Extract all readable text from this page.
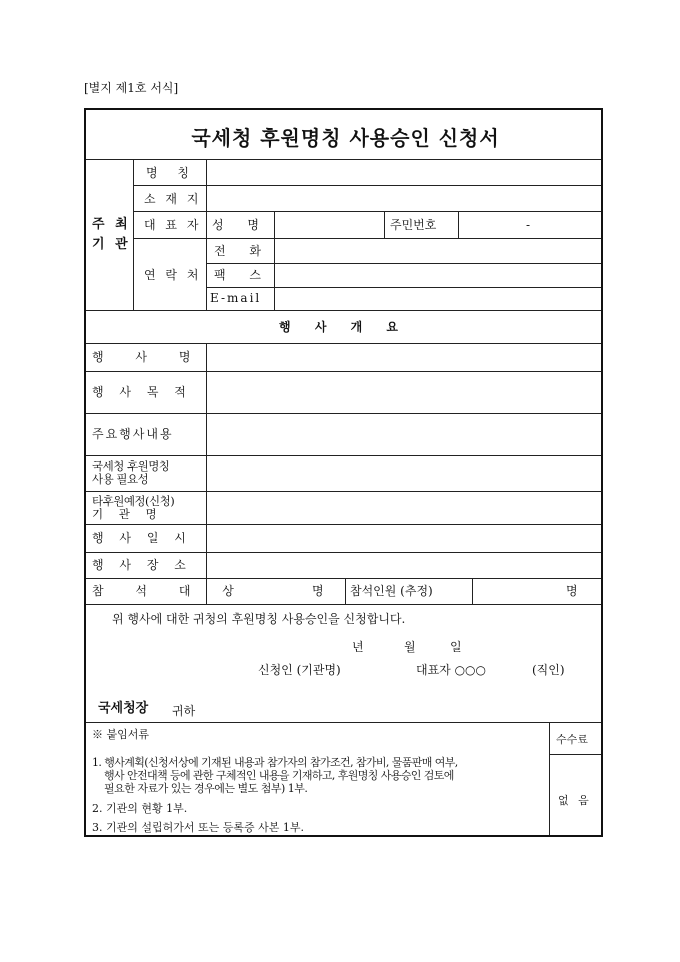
[별지 제1호 서식]
국세청 후원명칭 사용승인 신청서
주 최
기 관
명 칭
소 재 지
대 표 자 성 명	주민번호	-
연 락 처
전 화
팩 스
E-mail
행 사 개 요
행 사 명
행 사 목 적
주요행사내용
국세청 후원명칭
사용 필요성
타후원예정(신청)
기 관 명
행 사 일 시
행 사 장 소
참 석 대 상	명 참석인원 (추정)	명
위 행사에 대한 귀청의 후원명칭 사용승인을 신청합니다.
년	월	일
신청인 (기관명)	대표자 ○○○	(직인)
국세청장 귀하
※ 붙임서류
1. 행사계획(신청서상에 기재된 내용과 참가자의 참가조건, 참가비, 물품판매 여부,
행사 안전대책 등에 관한 구체적인 내용을 기재하고, 후원명칭 사용승인 검토에
필요한 자료가 있는 경우에는 별도 첨부) 1부.
2. 기관의 현황 1부.
3. 기관의 설립허가서 또는 등록증 사본 1부.
수수료
없 음
